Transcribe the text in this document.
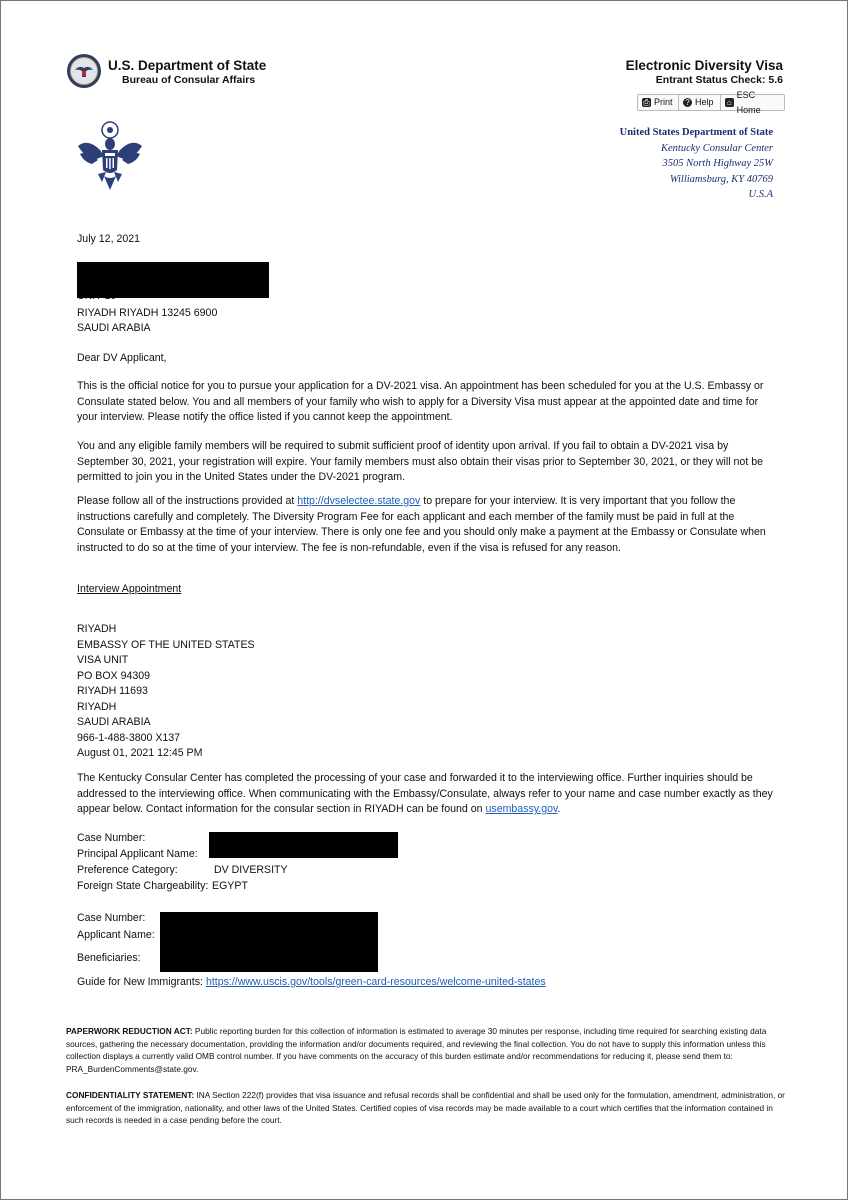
U.S. Department of State
Bureau of Consular Affairs
Electronic Diversity Visa
Entrant Status Check: 5.6
⎙ Print ? Help ⌂
ESC Home
United States Department of State
Kentucky Consular Center
3505 North Highway 25W
Williamsburg, KY 40769
U.S.A
July 12, 2021
RIYADH RIYADH 13245 6900
SAUDI ARABIA
Dear DV Applicant,
This is the official notice for you to pursue your application for a DV-2021 visa. An appointment has been scheduled for you at the U.S. Embassy or Consulate stated below. You and all members of your family who wish to apply for a Diversity Visa must appear at the appointed date and time for your interview. Please notify the office listed if you cannot keep the appointment.
You and any eligible family members will be required to submit sufficient proof of identity upon arrival. If you fail to obtain a DV-2021 visa by September 30, 2021, your registration will expire. Your family members must also obtain their visas prior to September 30, 2021, or they will not be permitted to join you in the United States under the DV-2021 program.
Please follow all of the instructions provided at http://dvselectee.state.gov to prepare for your interview. It is very important that you follow the instructions carefully and completely. The Diversity Program Fee for each applicant and each member of the family must be paid in full at the Consulate or Embassy at the time of your interview. There is only one fee and you should only make a payment at the Embassy or Consulate when instructed to do so at the time of your interview. The fee is non-refundable, even if the visa is refused for any reason.
Interview Appointment
RIYADH
EMBASSY OF THE UNITED STATES
VISA UNIT
PO BOX 94309
RIYADH 11693
RIYADH
SAUDI ARABIA
966-1-488-3800 X137
August 01, 2021 12:45 PM
The Kentucky Consular Center has completed the processing of your case and forwarded it to the interviewing office. Further inquiries should be addressed to the interviewing office. When communicating with the Embassy/Consulate, always refer to your name and case number exactly as they appear below. Contact information for the consular section in RIYADH can be found on usembassy.gov.
Case Number:
Principal Applicant Name:
Preference Category:	DV DIVERSITY
Foreign State Chargeability: EGYPT
Case Number:
Applicant Name:
Beneficiaries:
Guide for New Immigrants: https://www.uscis.gov/tools/green-card-resources/welcome-united-states
PAPERWORK REDUCTION ACT: Public reporting burden for this collection of information is estimated to average 30 minutes per response, including time required for searching existing data sources, gathering the necessary documentation, providing the information and/or documents required, and reviewing the final collection. You do not have to supply this information unless this collection displays a currently valid OMB control number. If you have comments on the accuracy of this burden estimate and/or recommendations for reducing it, please send them to: PRA_BurdenComments@state.gov.
CONFIDENTIALITY STATEMENT: INA Section 222(f) provides that visa issuance and refusal records shall be confidential and shall be used only for the formulation, amendment, administration, or enforcement of the immigration, nationality, and other laws of the United States. Certified copies of visa records may be made available to a court which certifies that the information contained in such records is needed in a case pending before the court.
